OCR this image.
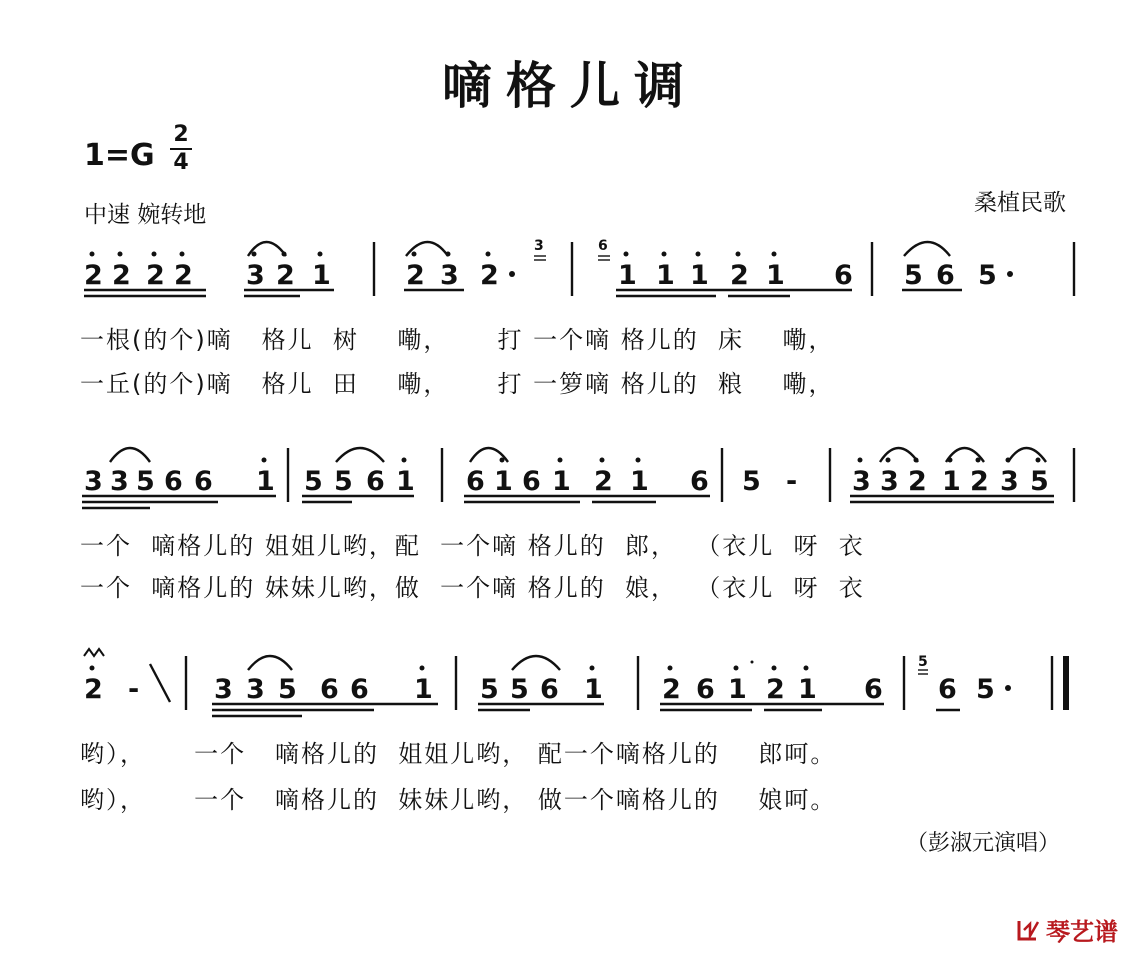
嘀格儿调
1=G
2
4
中速 婉转地	桑植民歌
2 2 2 2 3 2 1	2 3 2	1 1 1 2 1 6 5 6 5
3	6
一根(的个)嘀   格儿  树    嘞，     打 一个嘀 格儿的  床    嘞，
一丘(的个)嘀   格儿  田    嘞，     打 一箩嘀 格儿的  粮    嘞，
3 3 5 6 6 1 5 5 6 1 6 1 6 1 2 1 6 5 - 3 3 2 1 2 3 5
一个  嘀格儿的 姐姐儿哟，配  一个嘀 格儿的  郎，  （衣儿  呀  衣
一个  嘀格儿的 妹妹儿哟，做  一个嘀 格儿的  娘，  （衣儿  呀  衣
2 -	3 3 5 6 6 1 5 5 6 1 2 6 1 2 1 6 6 5
5
哟），     一个   嘀格儿的  姐姐儿哟， 配一个嘀格儿的    郎呵。
哟），     一个   嘀格儿的  妹妹儿哟， 做一个嘀格儿的    娘呵。
（彭淑元演唱）
琴艺谱
